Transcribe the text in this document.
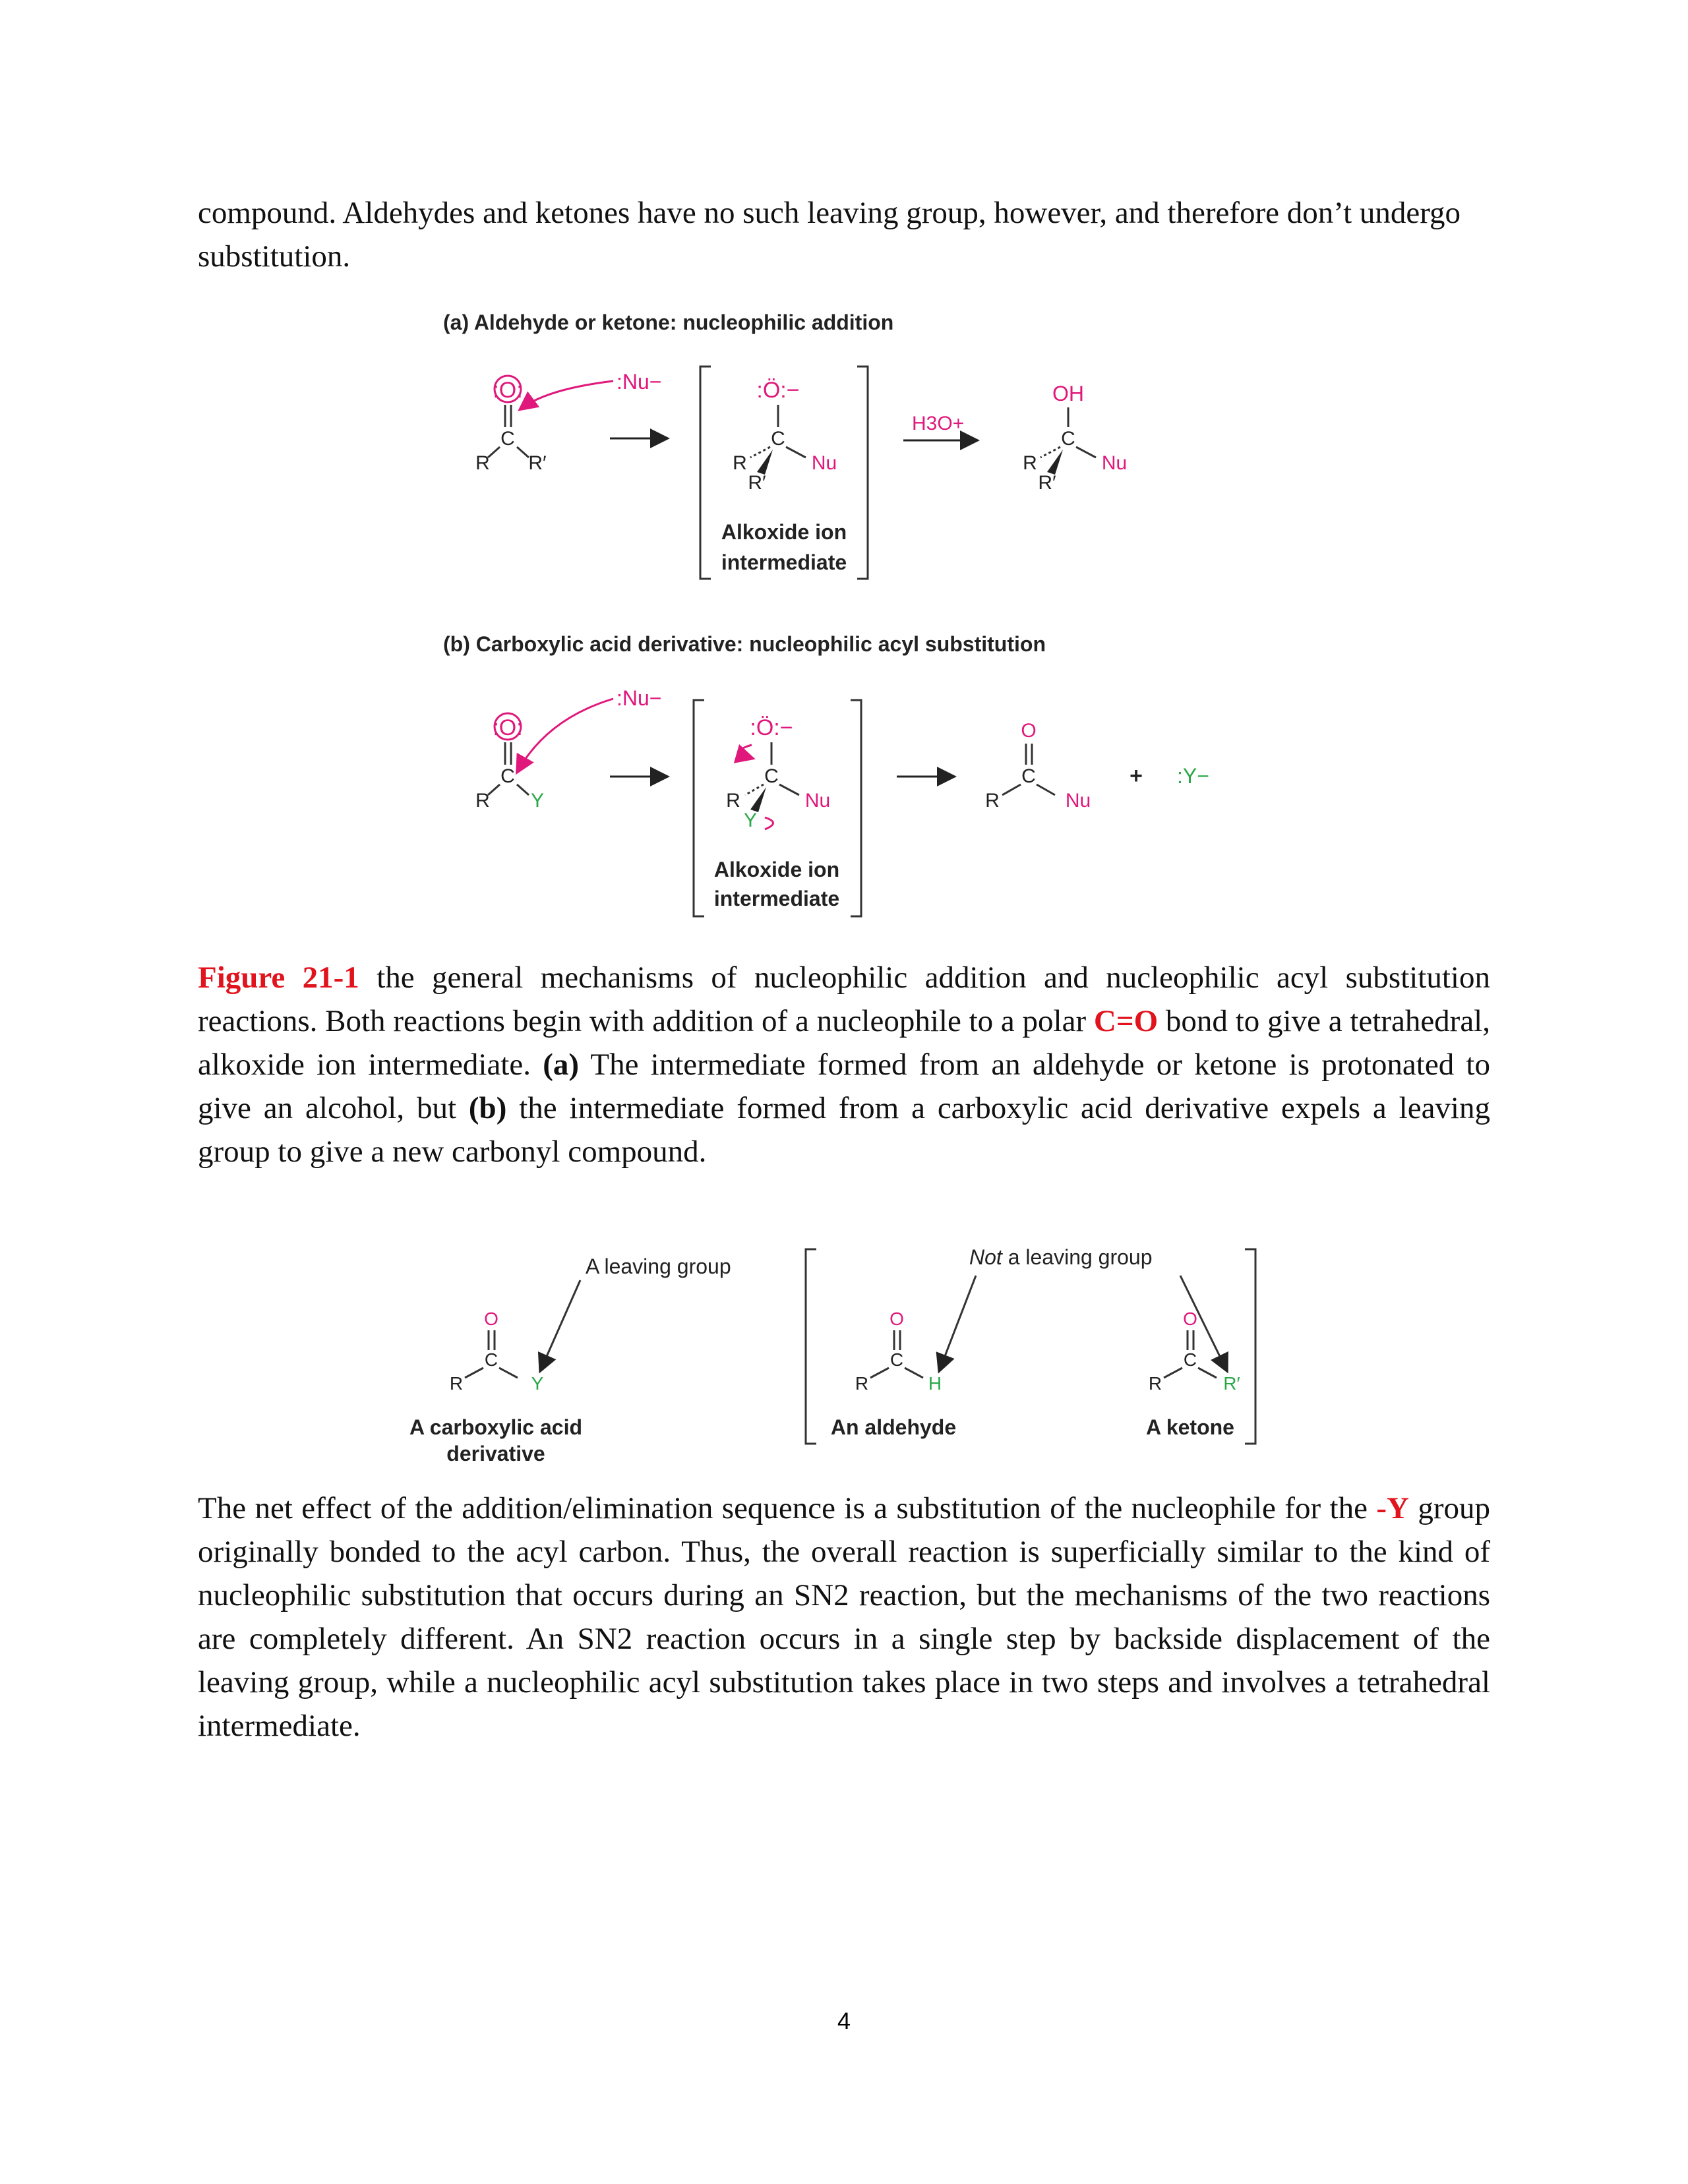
compound. Aldehydes and ketones have no such leaving group, however, and therefore don’t undergo substitution.
(a) Aldehyde or ketone: nucleophilic addition
:O:
C
R R′
:Nu−	:Ö:−
C
R
R′
Nu
Alkoxide ion
intermediate
H3O+
OH
C
R
R′
Nu
(b) Carboxylic acid derivative: nucleophilic acyl substitution
:O:
C
R Y
:Nu−
:Ö:−
C
R
Y
Nu
Alkoxide ion
intermediate
O
C
R	Nu
+ :Y−
Figure 21-1 the general mechanisms of nucleophilic addition and nucleophilic acyl substitution reactions. Both reactions begin with addition of a nucleophile to a polar C=O bond to give a tetrahedral, alkoxide ion intermediate. (a) The intermediate formed from an aldehyde or ketone is protonated to give an alcohol, but (b) the intermediate formed from a carboxylic acid derivative expels a leaving group to give a new carbonyl compound.
A leaving group
O
C
R	Y
A carboxylic acid
derivative
Not a leaving group
O
C
R	H
An aldehyde
O
C
R	R′
A ketone
The net effect of the addition/elimination sequence is a substitution of the nucleophile for the -Y group originally bonded to the acyl carbon. Thus, the overall reaction is superficially similar to the kind of nucleophilic substitution that occurs during an SN2 reaction, but the mechanisms of the two reactions are completely different. An SN2 reaction occurs in a single step by backside displacement of the leaving group, while a nucleophilic acyl substitution takes place in two steps and involves a tetrahedral intermediate.
4
